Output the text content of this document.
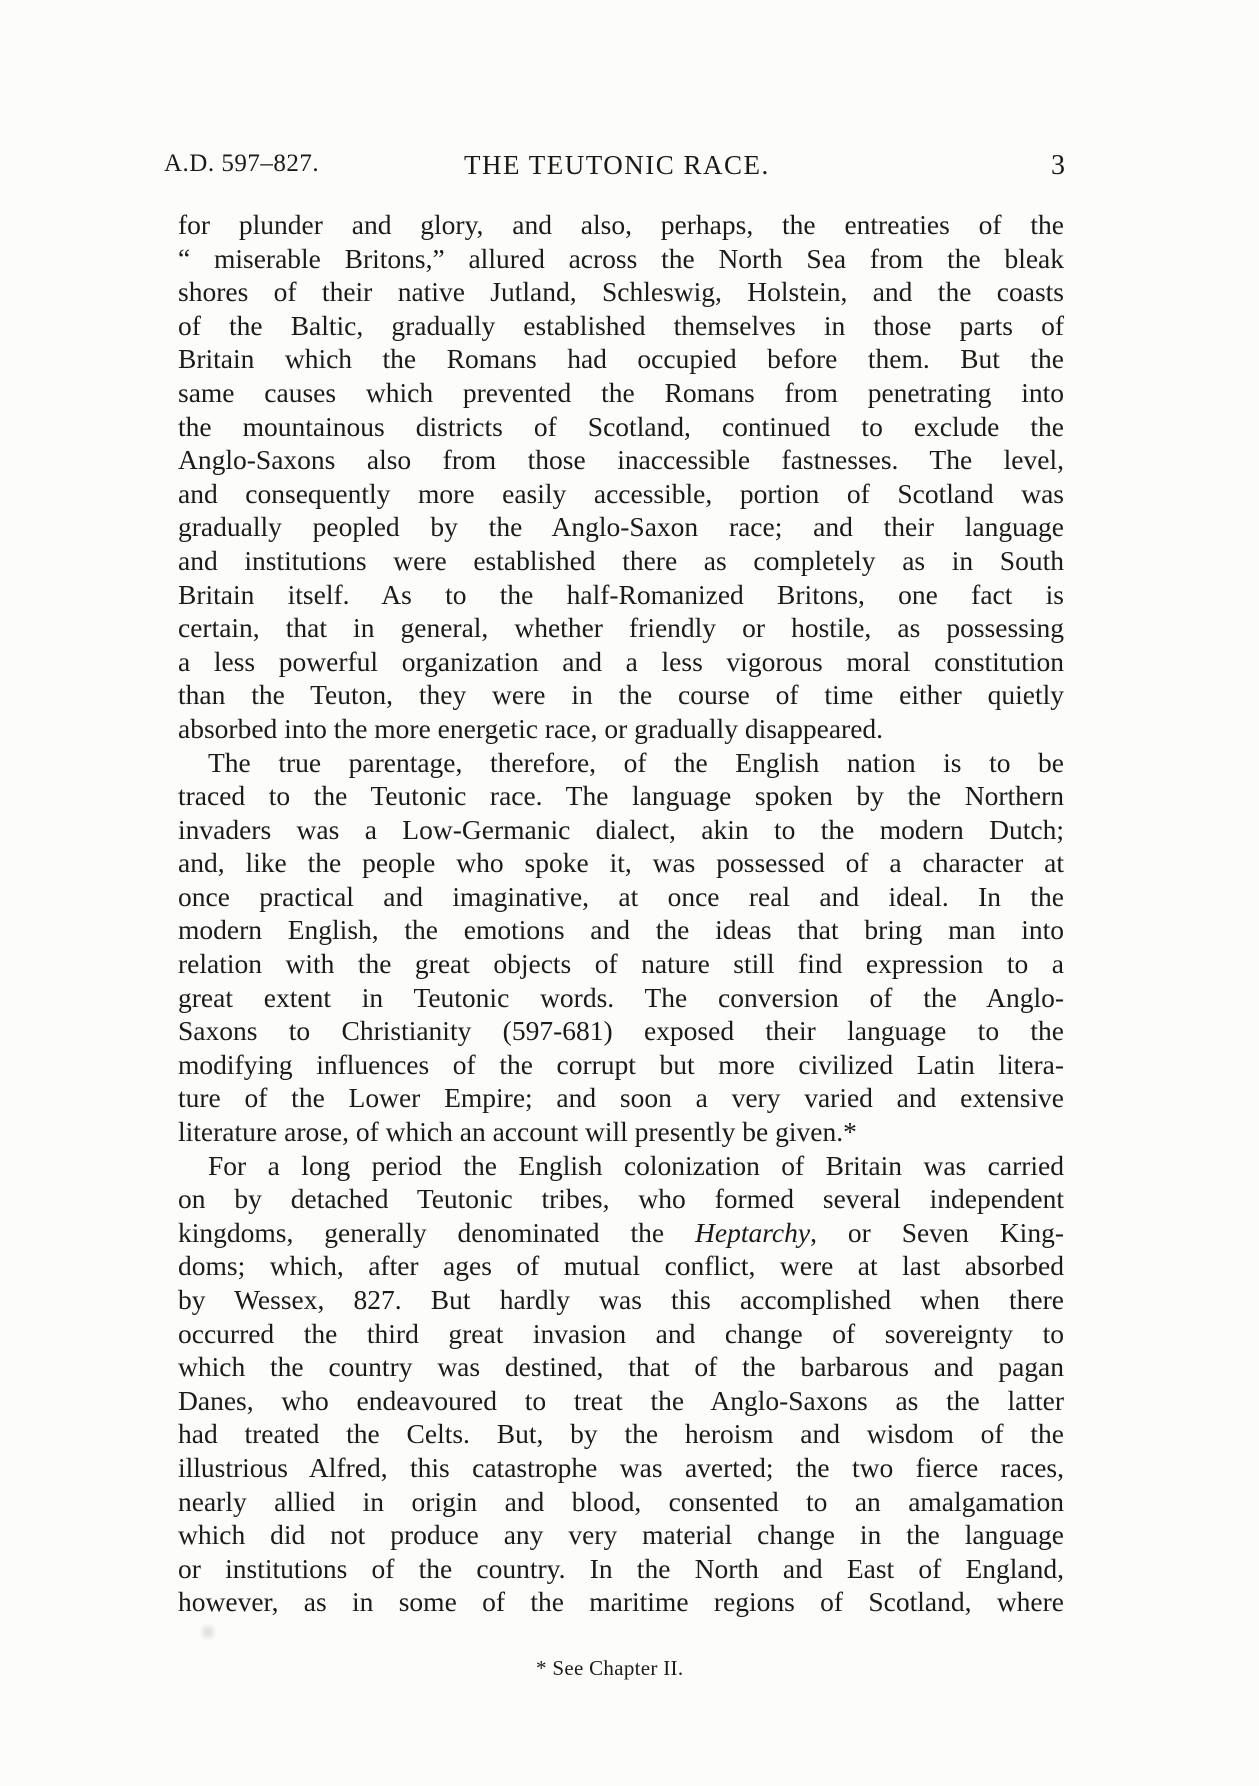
A.D. 597–827.	THE TEUTONIC RACE.	3
for plunder and glory, and also, perhaps, the entreaties of the
“ miserable Britons,” allured across the North Sea from the bleak
shores of their native Jutland, Schleswig, Holstein, and the coasts
of the Baltic, gradually established themselves in those parts of
Britain which the Romans had occupied before them. But the
same causes which prevented the Romans from penetrating into
the mountainous districts of Scotland, continued to exclude the
Anglo-Saxons also from those inaccessible fastnesses. The level,
and consequently more easily accessible, portion of Scotland was
gradually peopled by the Anglo-Saxon race; and their language
and institutions were established there as completely as in South
Britain itself. As to the half-Romanized Britons, one fact is
certain, that in general, whether friendly or hostile, as possessing
a less powerful organization and a less vigorous moral constitution
than the Teuton, they were in the course of time either quietly
absorbed into the more energetic race, or gradually disappeared.
The true parentage, therefore, of the English nation is to be
traced to the Teutonic race. The language spoken by the Northern
invaders was a Low-Germanic dialect, akin to the modern Dutch;
and, like the people who spoke it, was possessed of a character at
once practical and imaginative, at once real and ideal. In the
modern English, the emotions and the ideas that bring man into
relation with the great objects of nature still find expression to a
great extent in Teutonic words. The conversion of the Anglo-
Saxons to Christianity (597-681) exposed their language to the
modifying influences of the corrupt but more civilized Latin litera-
ture of the Lower Empire; and soon a very varied and extensive
literature arose, of which an account will presently be given.*
For a long period the English colonization of Britain was carried
on by detached Teutonic tribes, who formed several independent
kingdoms, generally denominated the Heptarchy, or Seven King-
doms; which, after ages of mutual conflict, were at last absorbed
by Wessex, 827. But hardly was this accomplished when there
occurred the third great invasion and change of sovereignty to
which the country was destined, that of the barbarous and pagan
Danes, who endeavoured to treat the Anglo-Saxons as the latter
had treated the Celts. But, by the heroism and wisdom of the
illustrious Alfred, this catastrophe was averted; the two fierce races,
nearly allied in origin and blood, consented to an amalgamation
which did not produce any very material change in the language
or institutions of the country. In the North and East of England,
however, as in some of the maritime regions of Scotland, where
* See Chapter II.
